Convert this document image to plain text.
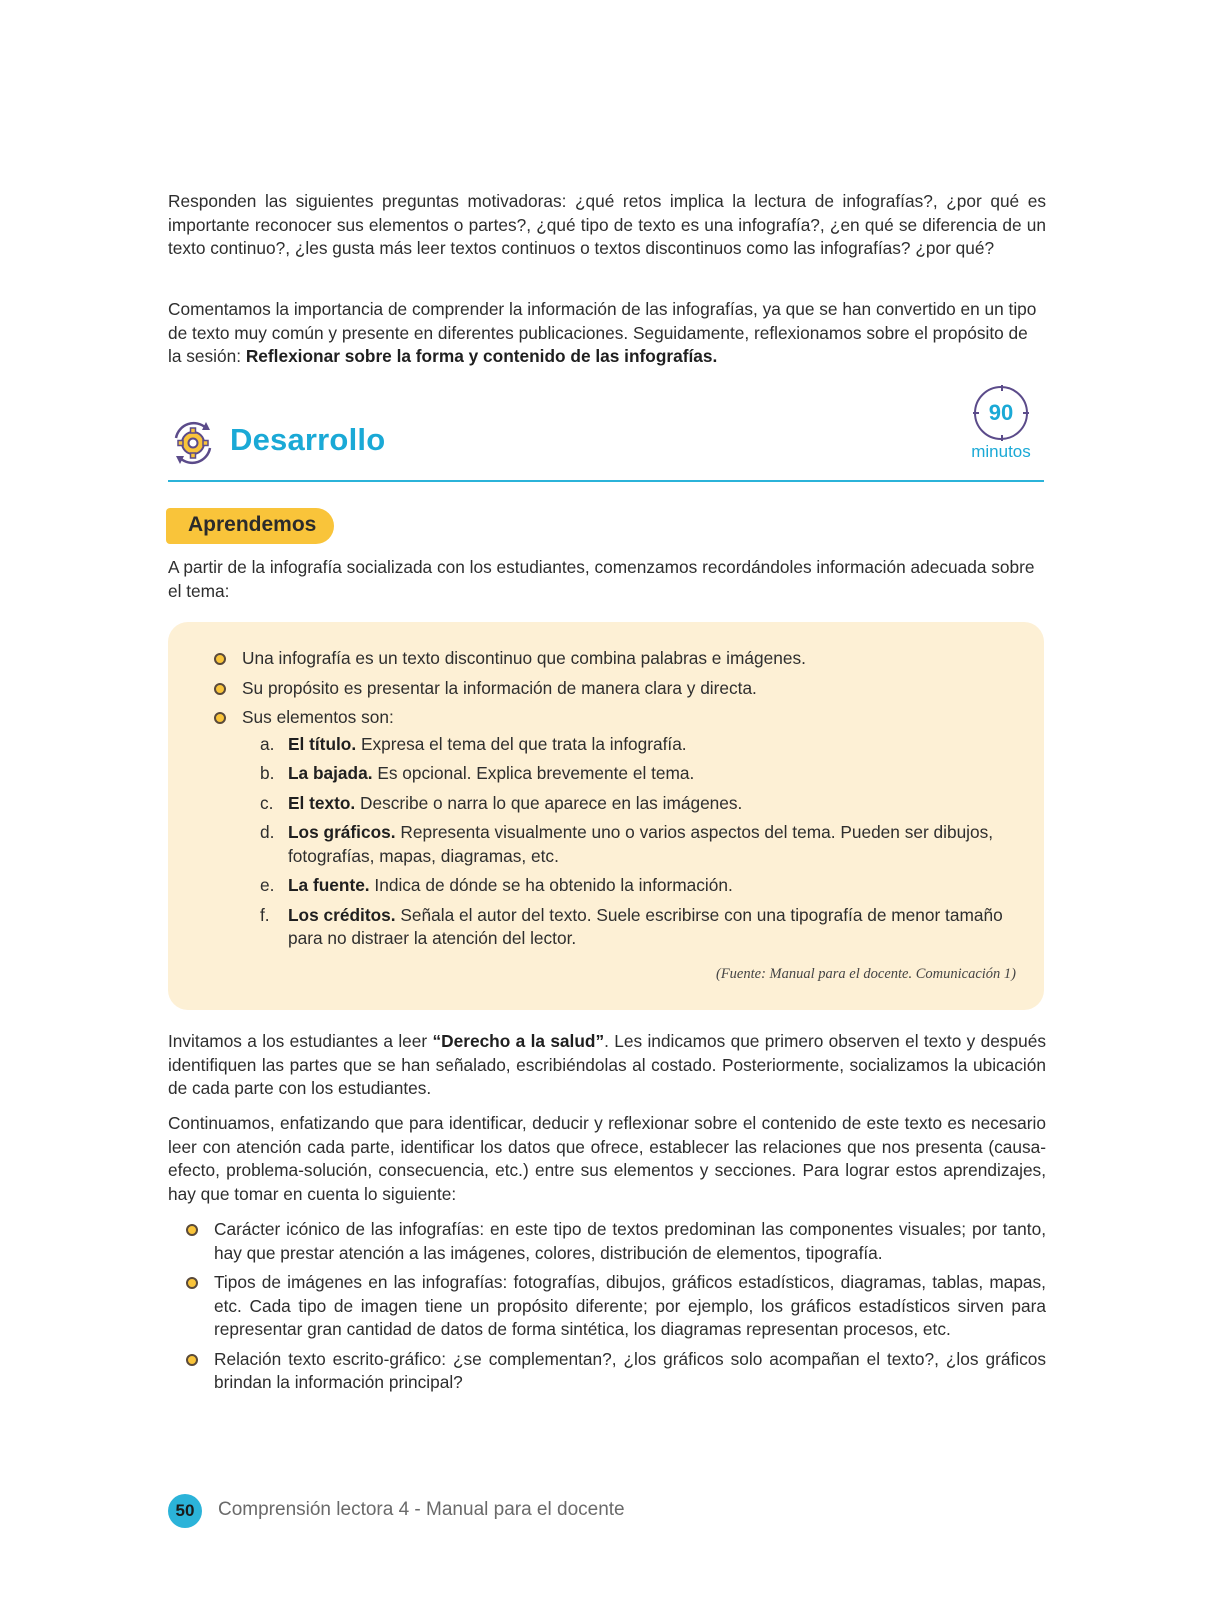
Responden las siguientes preguntas motivadoras: ¿qué retos implica la lectura de infografías?, ¿por qué es importante reconocer sus elementos o partes?, ¿qué tipo de texto es una infografía?, ¿en qué se diferencia de un texto continuo?, ¿les gusta más leer textos continuos o textos discontinuos como las infografías? ¿por qué?

Comentamos la importancia de comprender la información de las infografías, ya que se han convertido en un tipo de texto muy común y presente en diferentes publicaciones. Seguidamente, reflexionamos sobre el propósito de la sesión: Reflexionar sobre la forma y contenido de las infografías.

Desarrollo
90
minutos
Aprendemos

A partir de la infografía socializada con los estudiantes, comenzamos recordándoles información adecuada sobre el tema:

Una infografía es un texto discontinuo que combina palabras e imágenes.
Su propósito es presentar la información de manera clara y directa.
Sus elementos son:
a. El título. Expresa el tema del que trata la infografía.
b. La bajada. Es opcional. Explica brevemente el tema.
c. El texto. Describe o narra lo que aparece en las imágenes.
d. Los gráficos. Representa visualmente uno o varios aspectos del tema. Pueden ser dibujos, fotografías, mapas, diagramas, etc.
e. La fuente. Indica de dónde se ha obtenido la información.
f. Los créditos. Señala el autor del texto. Suele escribirse con una tipografía de menor tamaño para no distraer la atención del lector.
(Fuente: Manual para el docente. Comunicación 1)

Invitamos a los estudiantes a leer “Derecho a la salud”. Les indicamos que primero observen el texto y después identifiquen las partes que se han señalado, escribiéndolas al costado. Posteriormente, socializamos la ubicación de cada parte con los estudiantes.

Continuamos, enfatizando que para identificar, deducir y reflexionar sobre el contenido de este texto es necesario leer con atención cada parte, identificar los datos que ofrece, establecer las relaciones que nos presenta (causa-efecto, problema-solución, consecuencia, etc.) entre sus elementos y secciones. Para lograr estos aprendizajes, hay que tomar en cuenta lo siguiente:

Carácter icónico de las infografías: en este tipo de textos predominan las componentes visuales; por tanto, hay que prestar atención a las imágenes, colores, distribución de elementos, tipografía.
Tipos de imágenes en las infografías: fotografías, dibujos, gráficos estadísticos, diagramas, tablas, mapas, etc. Cada tipo de imagen tiene un propósito diferente; por ejemplo, los gráficos estadísticos sirven para representar gran cantidad de datos de forma sintética, los diagramas representan procesos, etc.
Relación texto escrito-gráfico: ¿se complementan?, ¿los gráficos solo acompañan el texto?, ¿los gráficos brindan la información principal?
50	Comprensión lectora 4 - Manual para el docente
